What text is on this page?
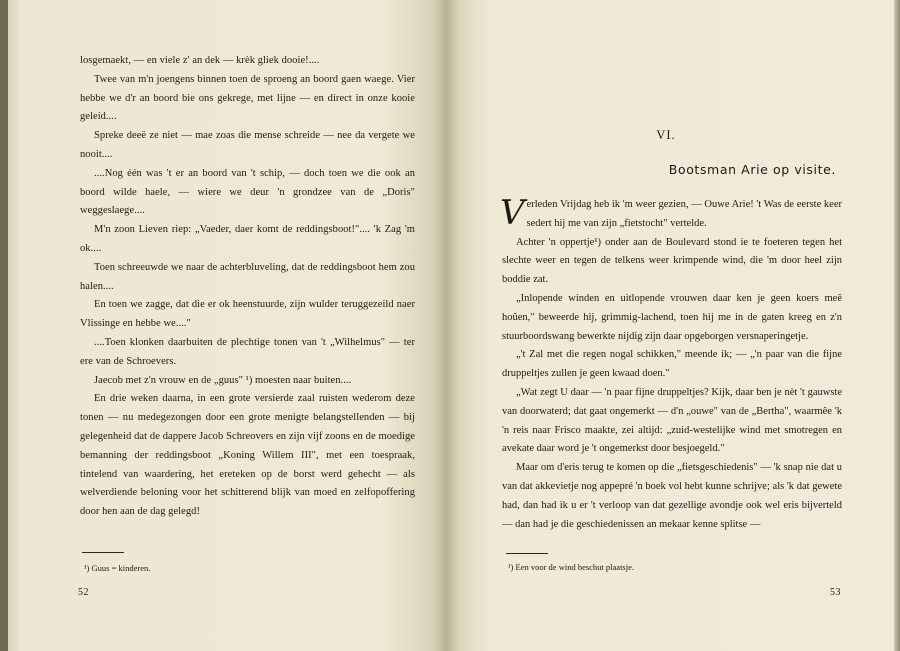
losgemaekt, — en viele z' an dek — krèk gliek dooie!....

Twee van m'n joengens binnen toen de sproeng an boord gaen waege. Vier hebbe we d'r an boord bie ons gekrege, met lijne — en direct in onze kooie geleid....

Spreke deeë ze niet — mae zoas die mense schreide — nee da vergete we nooit....

....Nog één was 't er an boord van 't schip, — doch toen we die ook an boord wilde haele, — wiere we deur 'n grondzee van de „Doris" weggeslaege....

M'n zoon Lieven riep: „Vaeder, daer komt de reddingsboot!".... 'k Zag 'm ok....

Toen schreeuwde we naar de achterbluveling, dat de reddingsboot hem zou halen....

En toen we zagge, dat die er ok heenstuurde, zijn wulder teruggezeild naer Vlissinge en hebbe we...."

....Toen klonken daarbuiten de plechtige tonen van 't „Wilhelmus" — ter ere van de Schroevers.

Jaecob met z'n vrouw en de „guus" ¹) moesten naar buiten....

En drie weken daarna, in een grote versierde zaal ruisten wederom deze tonen — nu medegezongen door een grote menigte belangstellenden — bij gelegenheid dat de dappere Jacob Schreovers en zijn vijf zoons en de moedige bemanning der reddingsboot „Koning Willem III", met een toespraak, tintelend van waardering, het ereteken op de borst werd gehecht — als welverdiende beloning voor het schitterend blijk van moed en zelfopoffering door hen aan de dag gelegd!

¹) Guus = kinderen.
52
VI.
Bootsman Arie op visite.

Verleden Vrijdag heb ik 'm weer gezien, — Ouwe Arie! 't Was de eerste keer sedert hij me van zijn „fietstocht" vertelde.

Achter 'n oppertje¹) onder aan de Boulevard stond ie te foeteren tegen het slechte weer en tegen de telkens weer krimpende wind, die 'm door heel zijn boddie zat.

„Inlopende winden en uitlopende vrouwen daar ken je geen koers meê hoûen," beweerde hij, grimmig-lachend, toen hij me in de gaten kreeg en z'n stuurboordswang bewerkte nijdig zijn daar opgeborgen versnaperingetje.

„'t Zal met die regen nogal schikken," meende ik; — „'n paar van die fijne druppeltjes zullen je geen kwaad doen."

„Wat zegt U daar — 'n paar fijne druppeltjes? Kijk, daar ben je nèt 't gauwste van doorwaterd; dat gaat ongemerkt — d'n „ouwe" van de „Bertha", waarmêe 'k 'n reis naar Frisco maakte, zei altijd: „zuid-westelijke wind met smotregen en avekate daar word je 't ongemerkst door besjoegeld."

Maar om d'eris terug te komen op die „fietsgeschiedenis" — 'k snap nie dat u van dat akkevietje nog appepré 'n boek vol hebt kunne schrijve; als 'k dat gewete had, dan had ik u er 't verloop van dat gezellige avondje ook wel eris bijverteld — dan had je die geschiedenissen an mekaar kenne splitse —

¹) Een voor de wind beschut plaatsje.
53
